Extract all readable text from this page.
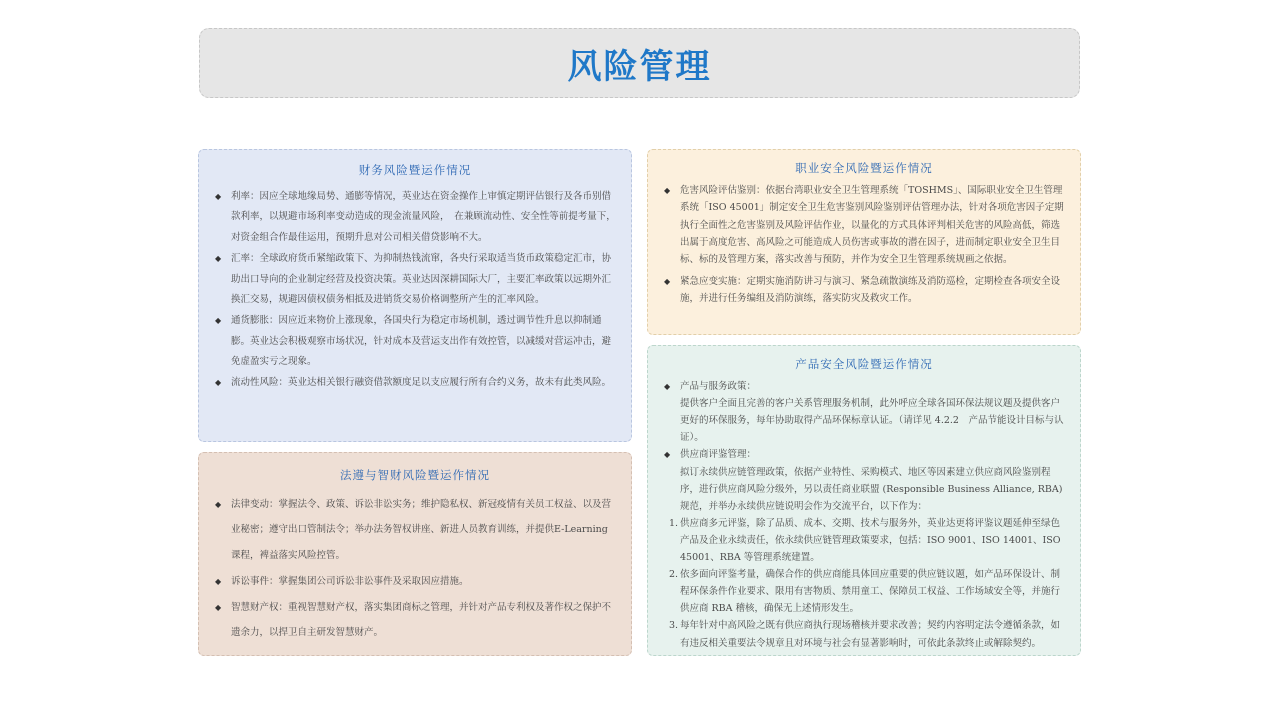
风险管理
财务风险暨运作情况
◆ 利率：因应全球地缘局势、通膨等情况，英业达在资金操作上审慎定期评估银行及各币别借款利率，以规避市场利率变动造成的现金流量风险，　在兼顾流动性、安全性等前提考量下，对资金组合作最佳运用，预期升息对公司相关借贷影响不大。
◆ 汇率：全球政府货币紧缩政策下、为抑制热钱流窜，各央行采取适当货币政策稳定汇市，协助出口导向的企业制定经营及投资决策。英业达因深耕国际大厂，主要汇率政策以远期外汇换汇交易，规避因债权债务相抵及进销货交易价格调整所产生的汇率风险。
◆ 通货膨胀：因应近来物价上涨现象，各国央行为稳定市场机制，透过调节性升息以抑制通膨。英业达会积极观察市场状况，针对成本及营运支出作有效控管，以减缓对营运冲击，避免虚盈实亏之现象。
◆ 流动性风险：英业达相关银行融资借款额度足以支应履行所有合约义务，故未有此类风险。
法遵与智财风险暨运作情况
◆ 法律变动：掌握法令、政策、诉讼非讼实务；维护隐私权、新冠疫情有关员工权益、以及营业秘密；遵守出口管制法令；举办法务智权讲座、新进人员教育训练，并提供E-Learning 课程，裨益落实风险控管。
◆ 诉讼事件：掌握集团公司诉讼非讼事件及采取因应措施。
◆ 智慧财产权：重视智慧财产权，落实集团商标之管理，并针对产品专利权及著作权之保护不遗余力，以捍卫自主研发智慧财产。
职业安全风险暨运作情况
◆ 危害风险评估鉴别：依据台湾职业安全卫生管理系统「TOSHMS」、国际职业安全卫生管理系统「ISO 45001」制定安全卫生危害鉴别风险鉴别评估管理办法，针对各项危害因子定期执行全面性之危害鉴别及风险评估作业，以量化的方式具体评判相关危害的风险高低，筛选出属于高度危害、高风险之可能造成人员伤害或事故的潜在因子，进而制定职业安全卫生目标、标的及管理方案，落实改善与预防，并作为安全卫生管理系统规画之依据。
◆ 紧急应变实施：定期实施消防讲习与演习、紧急疏散演练及消防巡检，定期检查各项安全设施，并进行任务编组及消防演练，落实防灾及救灾工作。
产品安全风险暨运作情况
◆ 产品与服务政策：

提供客户全面且完善的客户关系管理服务机制，此外呼应全球各国环保法规议题及提供客户更好的环保服务，每年协助取得产品环保标章认证。（请详见 4.2.2　产品节能设计目标与认证）。

◆ 供应商评鉴管理：

拟订永续供应链管理政策，依据产业特性、采购模式、地区等因素建立供应商风险鉴别程序，进行供应商风险分级外，另以责任商业联盟 (Responsible Business Alliance, RBA) 规范，并举办永续供应链说明会作为交流平台，以下作为：

1. 供应商多元评鉴，除了品质、成本、交期、技术与服务外，英业达更将评鉴议题延伸至绿色产品及企业永续责任，依永续供应链管理政策要求，包括：ISO 9001、ISO 14001、ISO 45001、RBA 等管理系统建置。
2. 依多面向评鉴考量，确保合作的供应商能具体回应重要的供应链议题，如产品环保设计、制程环保条件作业要求、限用有害物质、禁用童工、保障员工权益、工作场域安全等，并施行供应商 RBA 稽核，确保无上述情形发生。
3. 每年针对中高风险之既有供应商执行现场稽核并要求改善；契约内容明定法令遵循条款，如有违反相关重要法令规章且对环境与社会有显著影响时，可依此条款终止或解除契约。
